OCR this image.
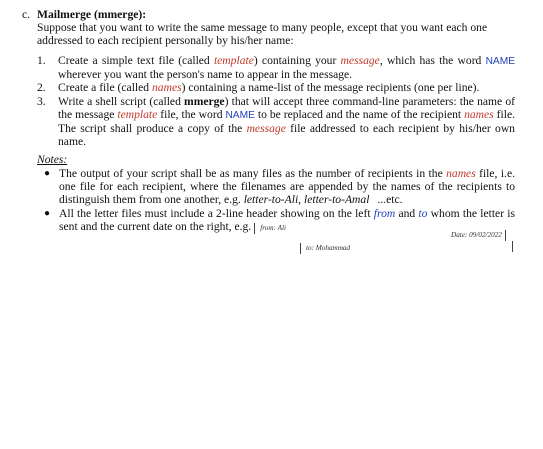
c. Mailmerge (mmerge):
Suppose that you want to write the same message to many people, except that you want each one addressed to each recipient personally by his/her name:
1. Create a simple text file (called template) containing your message, which has the word NAME wherever you want the person's name to appear in the message.
2. Create a file (called names) containing a name-list of the message recipients (one per line).
3. Write a shell script (called mmerge) that will accept three command-line parameters: the name of the message template file, the word NAME to be replaced and the name of the recipient names file. The script shall produce a copy of the message file addressed to each recipient by his/her own name.
Notes:
● The output of your script shall be as many files as the number of recipients in the names file, i.e. one file for each recipient, where the filenames are appended by the names of the recipients to distinguish them from one another, e.g. letter-to-Ali, letter-to-Amal ...etc.
● All the letter files must include a 2-line header showing on the left from and to whom the letter is sent and the current date on the right, e.g. from: Ali
Date: 09/02/2022
to: Mohammad
